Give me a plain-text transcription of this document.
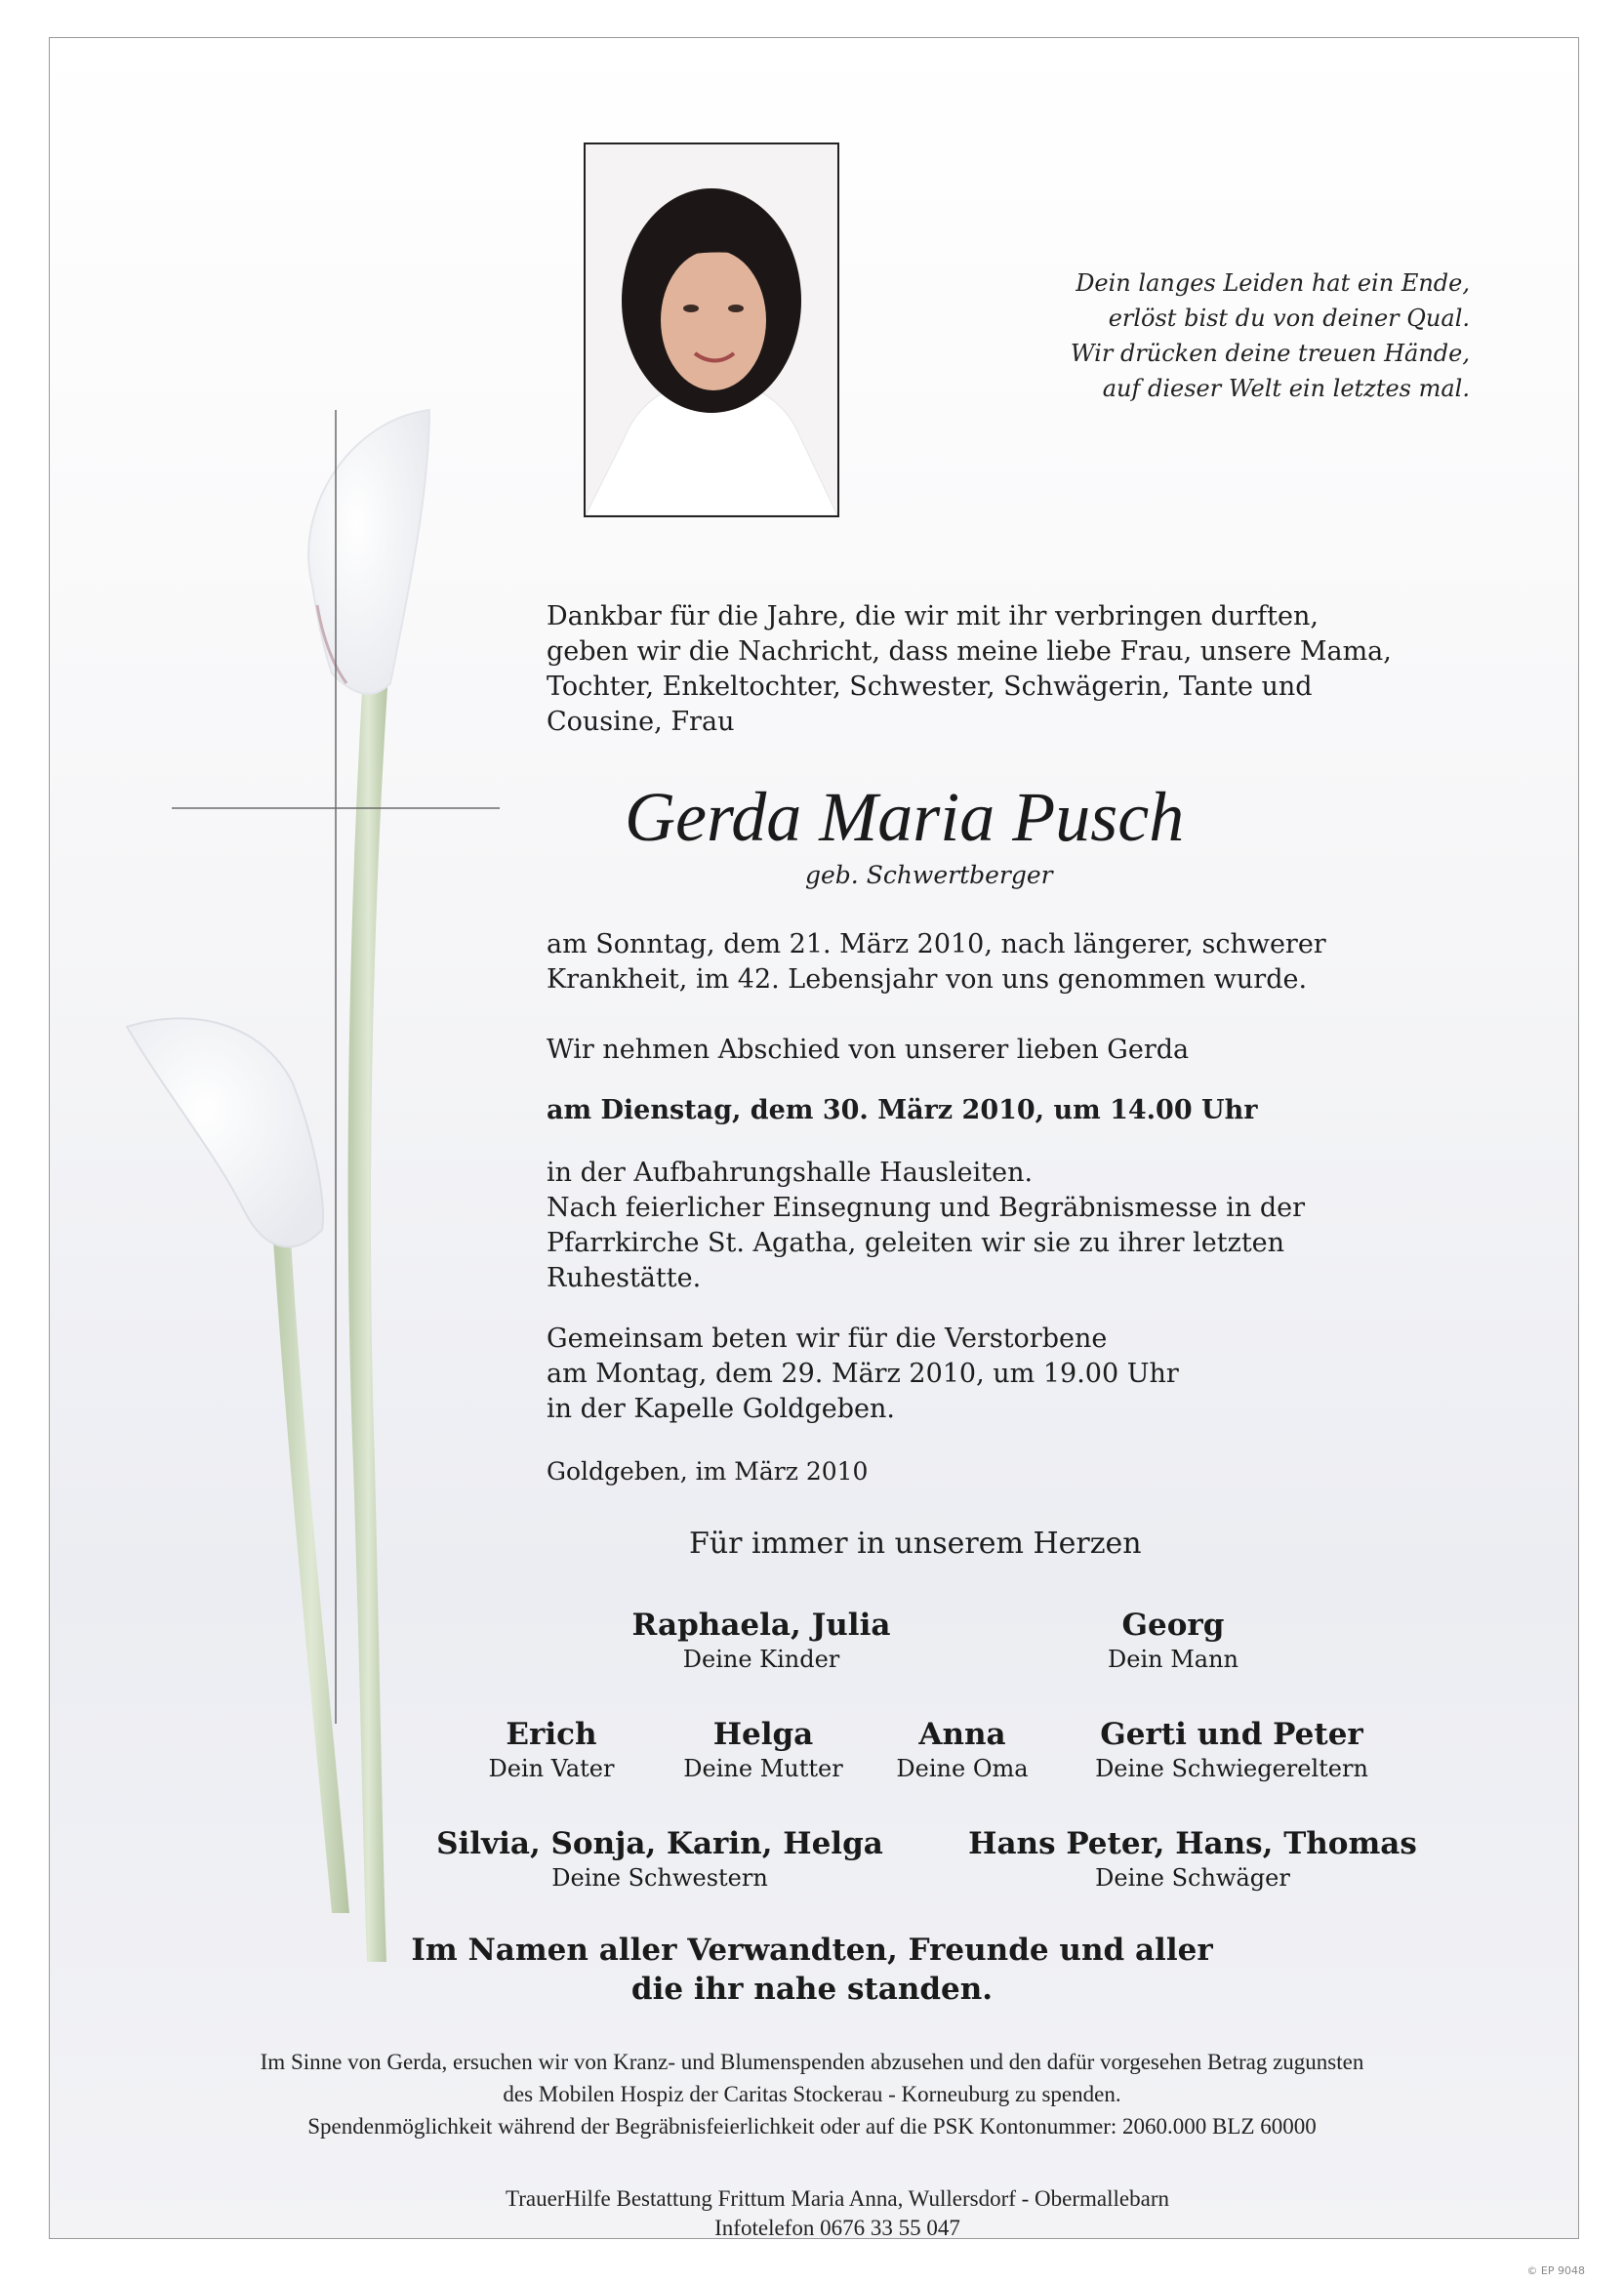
Dein langes Leiden hat ein Ende,
erlöst bist du von deiner Qual.
Wir drücken deine treuen Hände,
auf dieser Welt ein letztes mal.
Dankbar für die Jahre, die wir mit ihr verbringen durften,
geben wir die Nachricht, dass meine liebe Frau, unsere Mama,
Tochter, Enkeltochter, Schwester, Schwägerin, Tante und
Cousine, Frau
Gerda Maria Pusch
geb. Schwertberger
am Sonntag, dem 21. März 2010, nach längerer, schwerer
Krankheit, im 42. Lebensjahr von uns genommen wurde.
Wir nehmen Abschied von unserer lieben Gerda
am Dienstag, dem 30. März 2010, um 14.00 Uhr
in der Aufbahrungshalle Hausleiten.
Nach feierlicher Einsegnung und Begräbnismesse in der
Pfarrkirche St. Agatha, geleiten wir sie zu ihrer letzten
Ruhestätte.
Gemeinsam beten wir für die Verstorbene
am Montag, dem 29. März 2010, um 19.00 Uhr
in der Kapelle Goldgeben.
Goldgeben, im März 2010
Für immer in unserem Herzen
Raphaela, Julia
Deine Kinder
Georg
Dein Mann
Erich
Dein Vater
Helga
Deine Mutter
Anna
Deine Oma
Gerti und Peter
Deine Schwiegereltern
Silvia, Sonja, Karin, Helga
Deine Schwestern
Hans Peter, Hans, Thomas
Deine Schwäger
Im Namen aller Verwandten, Freunde und aller
die ihr nahe standen.
Im Sinne von Gerda, ersuchen wir von Kranz- und Blumenspenden abzusehen und den dafür vorgesehen Betrag zugunsten
des Mobilen Hospiz der Caritas Stockerau - Korneuburg zu spenden.
Spendenmöglichkeit während der Begräbnisfeierlichkeit oder auf die PSK Kontonummer: 2060.000 BLZ 60000
TrauerHilfe Bestattung Frittum Maria Anna, Wullersdorf - Obermallebarn
Infotelefon 0676 33 55 047
© EP 9048
